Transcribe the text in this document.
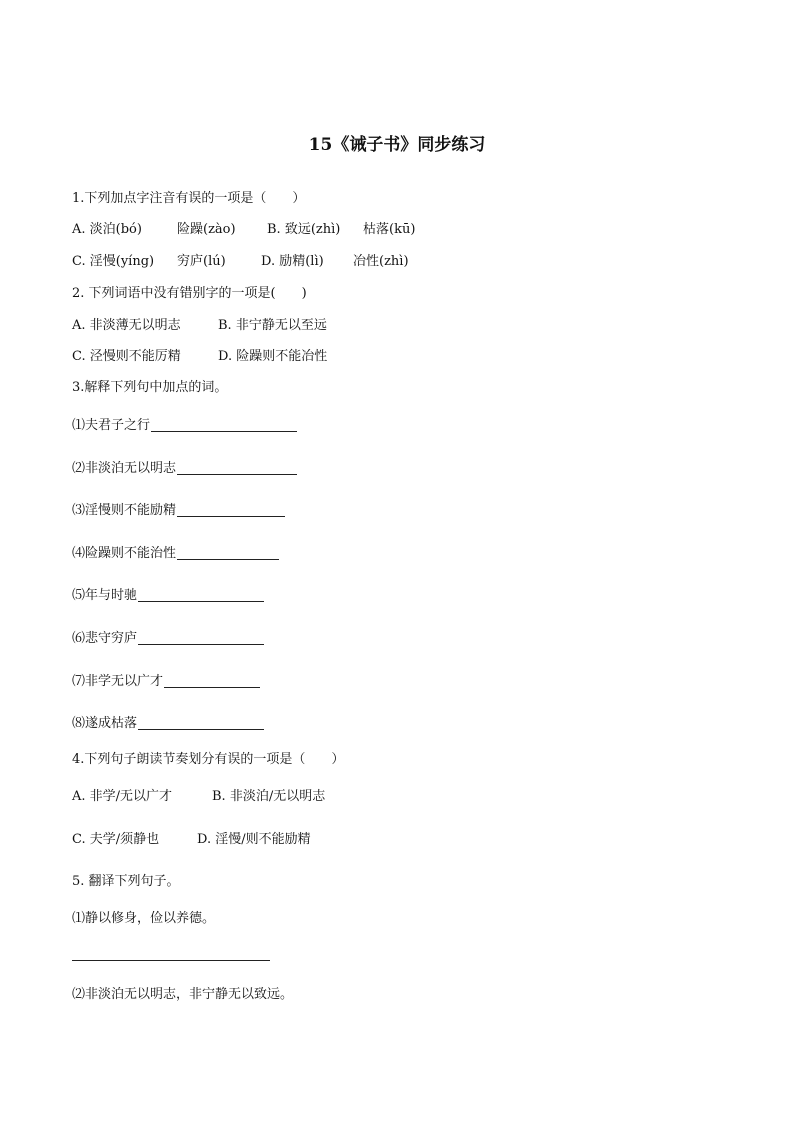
15《诫子书》同步练习
1.下列加点字注音有误的一项是（　　）
A. 淡泊(bó)	险躁(zào) B. 致远(zhì) 枯落(kū)
C. 淫慢(yíng) 穷庐(lú)	D. 励精(lì) 冶性(zhì)
2. 下列词语中没有错别字的一项是(　　)
A. 非淡薄无以明志	B. 非宁静无以至远
C. 泾慢则不能厉精	D. 险躁则不能冶性
3.解释下列句中加点的词。
⑴夫君子之行
⑵非淡泊无以明志
⑶淫慢则不能励精
⑷险躁则不能治性
⑸年与时驰
⑹悲守穷庐
⑺非学无以广才
⑻遂成枯落
4.下列句子朗读节奏划分有误的一项是（　　）
A. 非学/无以广才	B. 非淡泊/无以明志
C. 夫学/须静也	D. 淫慢/则不能励精
5. 翻译下列句子。
⑴静以修身，俭以养德。
⑵非淡泊无以明志，非宁静无以致远。
